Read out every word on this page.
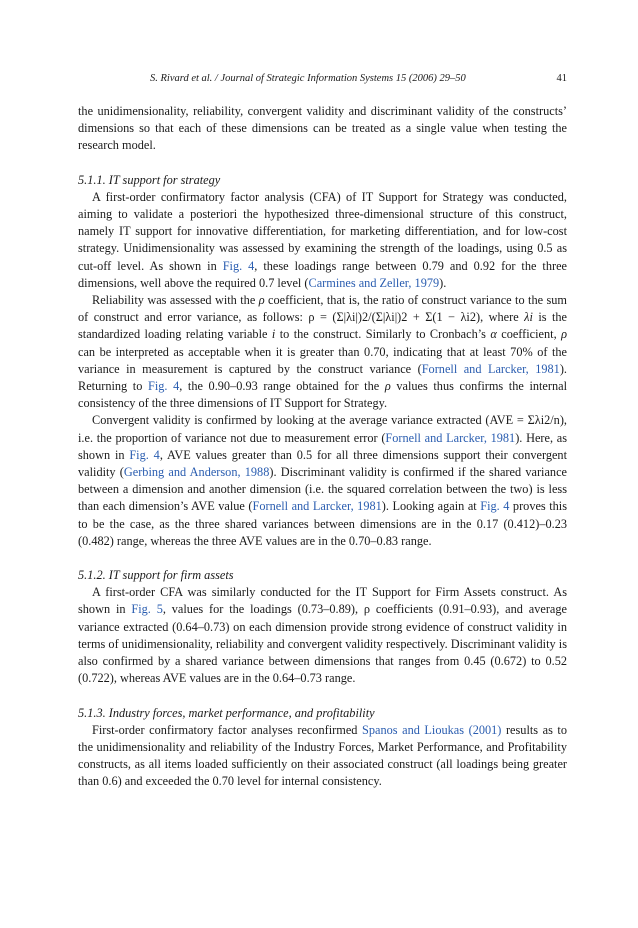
S. Rivard et al. / Journal of Strategic Information Systems 15 (2006) 29–50	41

the unidimensionality, reliability, convergent validity and discriminant validity of the constructs’ dimensions so that each of these dimensions can be treated as a single value when testing the research model.

5.1.1. IT support for strategy

A first-order confirmatory factor analysis (CFA) of IT Support for Strategy was conducted, aiming to validate a posteriori the hypothesized three-dimensional structure of this construct, namely IT support for innovative differentiation, for marketing differentiation, and for low-cost strategy. Unidimensionality was assessed by examining the strength of the loadings, using 0.5 as cut-off level. As shown in Fig. 4, these loadings range between 0.79 and 0.92 for the three dimensions, well above the required 0.7 level (Carmines and Zeller, 1979).

Reliability was assessed with the ρ coefficient, that is, the ratio of construct variance to the sum of construct and error variance, as follows: ρ = (Σ|λi|)2/(Σ|λi|)2 + Σ(1 − λi2), where λi is the standardized loading relating variable i to the construct. Similarly to Cronbach’s α coefficient, ρ can be interpreted as acceptable when it is greater than 0.70, indicating that at least 70% of the variance in measurement is captured by the construct variance (Fornell and Larcker, 1981). Returning to Fig. 4, the 0.90–0.93 range obtained for the ρ values thus confirms the internal consistency of the three dimensions of IT Support for Strategy.

Convergent validity is confirmed by looking at the average variance extracted (AVE = Σλi2/n), i.e. the proportion of variance not due to measurement error (Fornell and Larcker, 1981). Here, as shown in Fig. 4, AVE values greater than 0.5 for all three dimensions support their convergent validity (Gerbing and Anderson, 1988). Discriminant validity is confirmed if the shared variance between a dimension and another dimension (i.e. the squared correlation between the two) is less than each dimension’s AVE value (Fornell and Larcker, 1981). Looking again at Fig. 4 proves this to be the case, as the three shared variances between dimensions are in the 0.17 (0.412)–0.23 (0.482) range, whereas the three AVE values are in the 0.70–0.83 range.

5.1.2. IT support for firm assets

A first-order CFA was similarly conducted for the IT Support for Firm Assets construct. As shown in Fig. 5, values for the loadings (0.73–0.89), ρ coefficients (0.91–0.93), and average variance extracted (0.64–0.73) on each dimension provide strong evidence of construct validity in terms of unidimensionality, reliability and convergent validity respectively. Discriminant validity is also confirmed by a shared variance between dimensions that ranges from 0.45 (0.672) to 0.52 (0.722), whereas AVE values are in the 0.64–0.73 range.

5.1.3. Industry forces, market performance, and profitability

First-order confirmatory factor analyses reconfirmed Spanos and Lioukas (2001) results as to the unidimensionality and reliability of the Industry Forces, Market Performance, and Profitability constructs, as all items loaded sufficiently on their associated construct (all loadings being greater than 0.6) and exceeded the 0.70 level for internal consistency.
